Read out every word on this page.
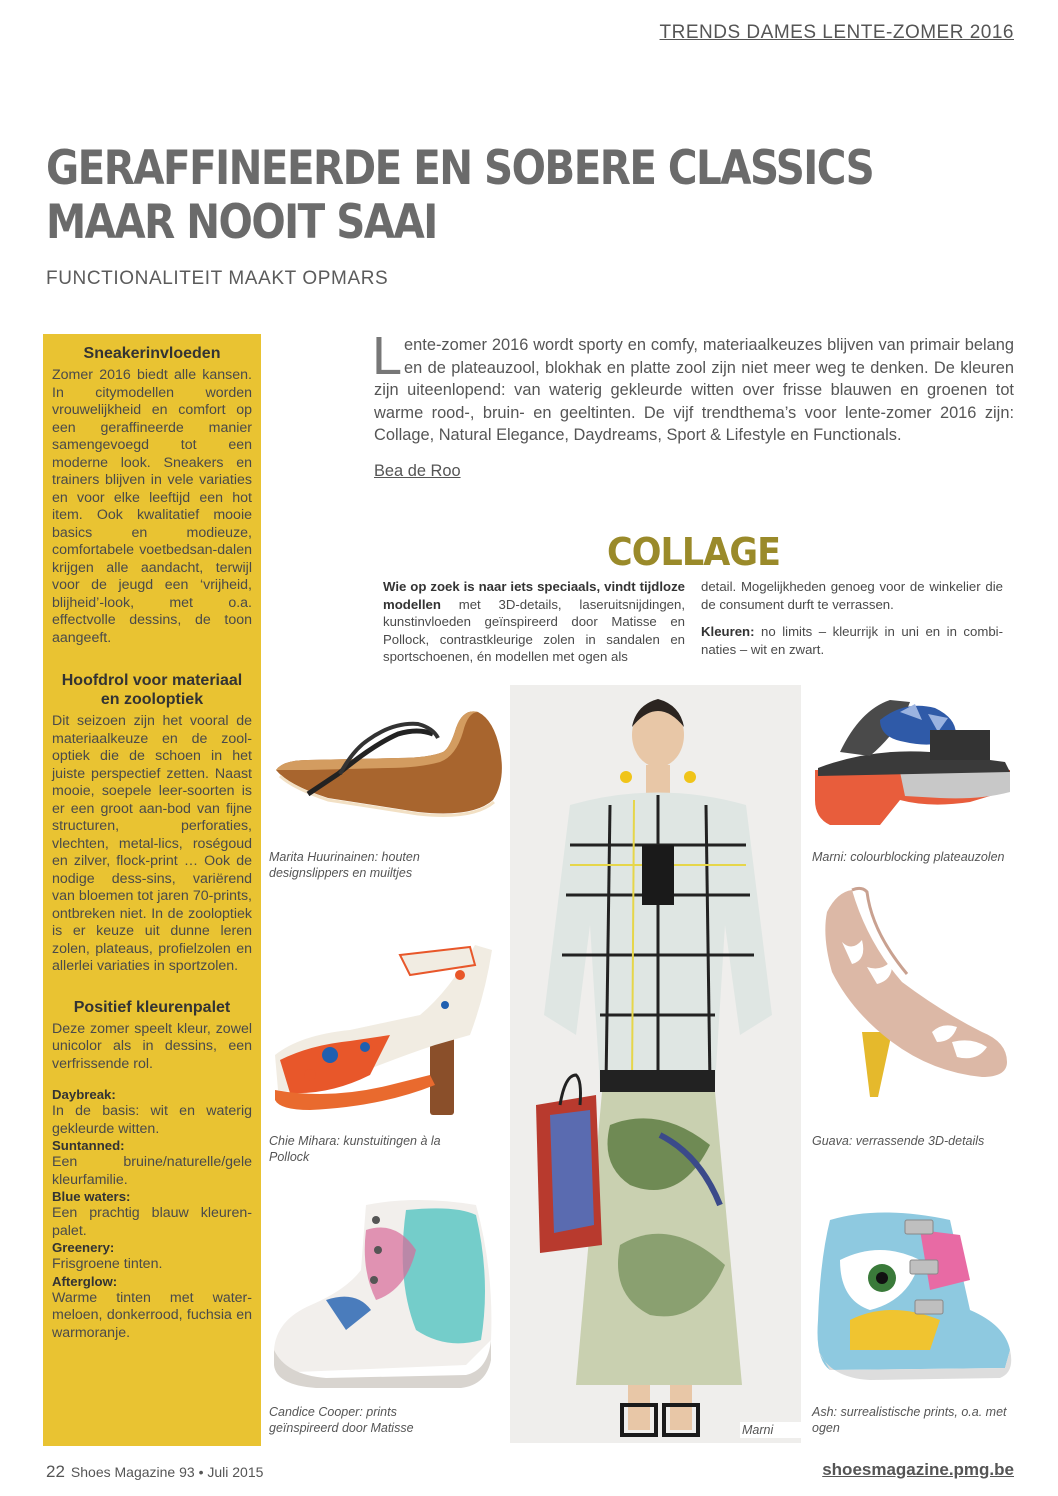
TRENDS DAMES LENTE-ZOMER 2016
GERAFFINEERDE EN SOBERE CLASSICS
MAAR NOOIT SAAI
FUNCTIONALITEIT MAAKT OPMARS
Sneakerinvloeden

Zomer 2016 biedt alle kansen. In citymodellen worden vrouwelijkheid en comfort op een geraffineerde manier samengevoegd tot een moderne look. Sneakers en trainers blijven in vele variaties en voor elke leeftijd een hot item. Ook kwalitatief mooie basics en modieuze, comfortabele voetbedsan-dalen krijgen alle aandacht, terwijl voor de jeugd een ‘vrijheid, blijheid’-look, met o.a. effectvolle dessins, de toon aangeeft.

Hoofdrol voor materiaal en zooloptiek

Dit seizoen zijn het vooral de materiaalkeuze en de zool-optiek die de schoen in het juiste perspectief zetten. Naast mooie, soepele leer-soorten is er een groot aan-bod van fijne structuren, perforaties, vlechten, metal-lics, roségoud en zilver, flock-print … Ook de nodige dess-sins, variërend van bloemen tot jaren 70-prints, ontbreken niet. In de zooloptiek is er keuze uit dunne leren zolen, plateaus, profielzolen en allerlei variaties in sportzolen.

Positief kleurenpalet

Deze zomer speelt kleur, zowel unicolor als in dessins, een verfrissende rol.

Daybreak:
In de basis: wit en waterig gekleurde witten.
Suntanned:
Een bruine/naturelle/gele kleurfamilie.
Blue waters:
Een prachtig blauw kleuren-palet.
Greenery:
Frisgroene tinten.
Afterglow:
Warme tinten met water-meloen, donkerrood, fuchsia en warmoranje.
Lente-zomer 2016 wordt sporty en comfy, materiaalkeuzes blijven van primair belang en de plateauzool, blokhak en platte zool zijn niet meer weg te denken. De kleuren zijn uiteenlopend: van waterig gekleurde witten over frisse blauwen en groenen tot warme rood-, bruin- en geeltinten. De vijf trendthema’s voor lente-zomer 2016 zijn: Collage, Natural Elegance, Daydreams, Sport & Lifestyle en Functionals.
Bea de Roo
COLLAGE
Wie op zoek is naar iets speciaals, vindt tijdloze modellen met 3D-details, laseruitsnijdingen, kunstinvloeden geïnspireerd door Matisse en Pollock, contrastkleurige zolen in sandalen en sportschoenen, én modellen met ogen als
detail. Mogelijkheden genoeg voor de winkelier die de consument durft te verrassen.
Kleuren: no limits – kleurrijk in uni en in combi-naties – wit en zwart.
Marita Huurinainen: houten designslippers en muiltjes
Chie Mihara: kunstuitingen à la Pollock
Candice Cooper: prints geïnspireerd door Matisse	Marni
Marni: colourblocking plateauzolen
Guava: verrassende 3D-details
Ash: surrealistische prints, o.a. met ogen
22 Shoes Magazine 93 • Juli 2015	shoesmagazine.pmg.be
